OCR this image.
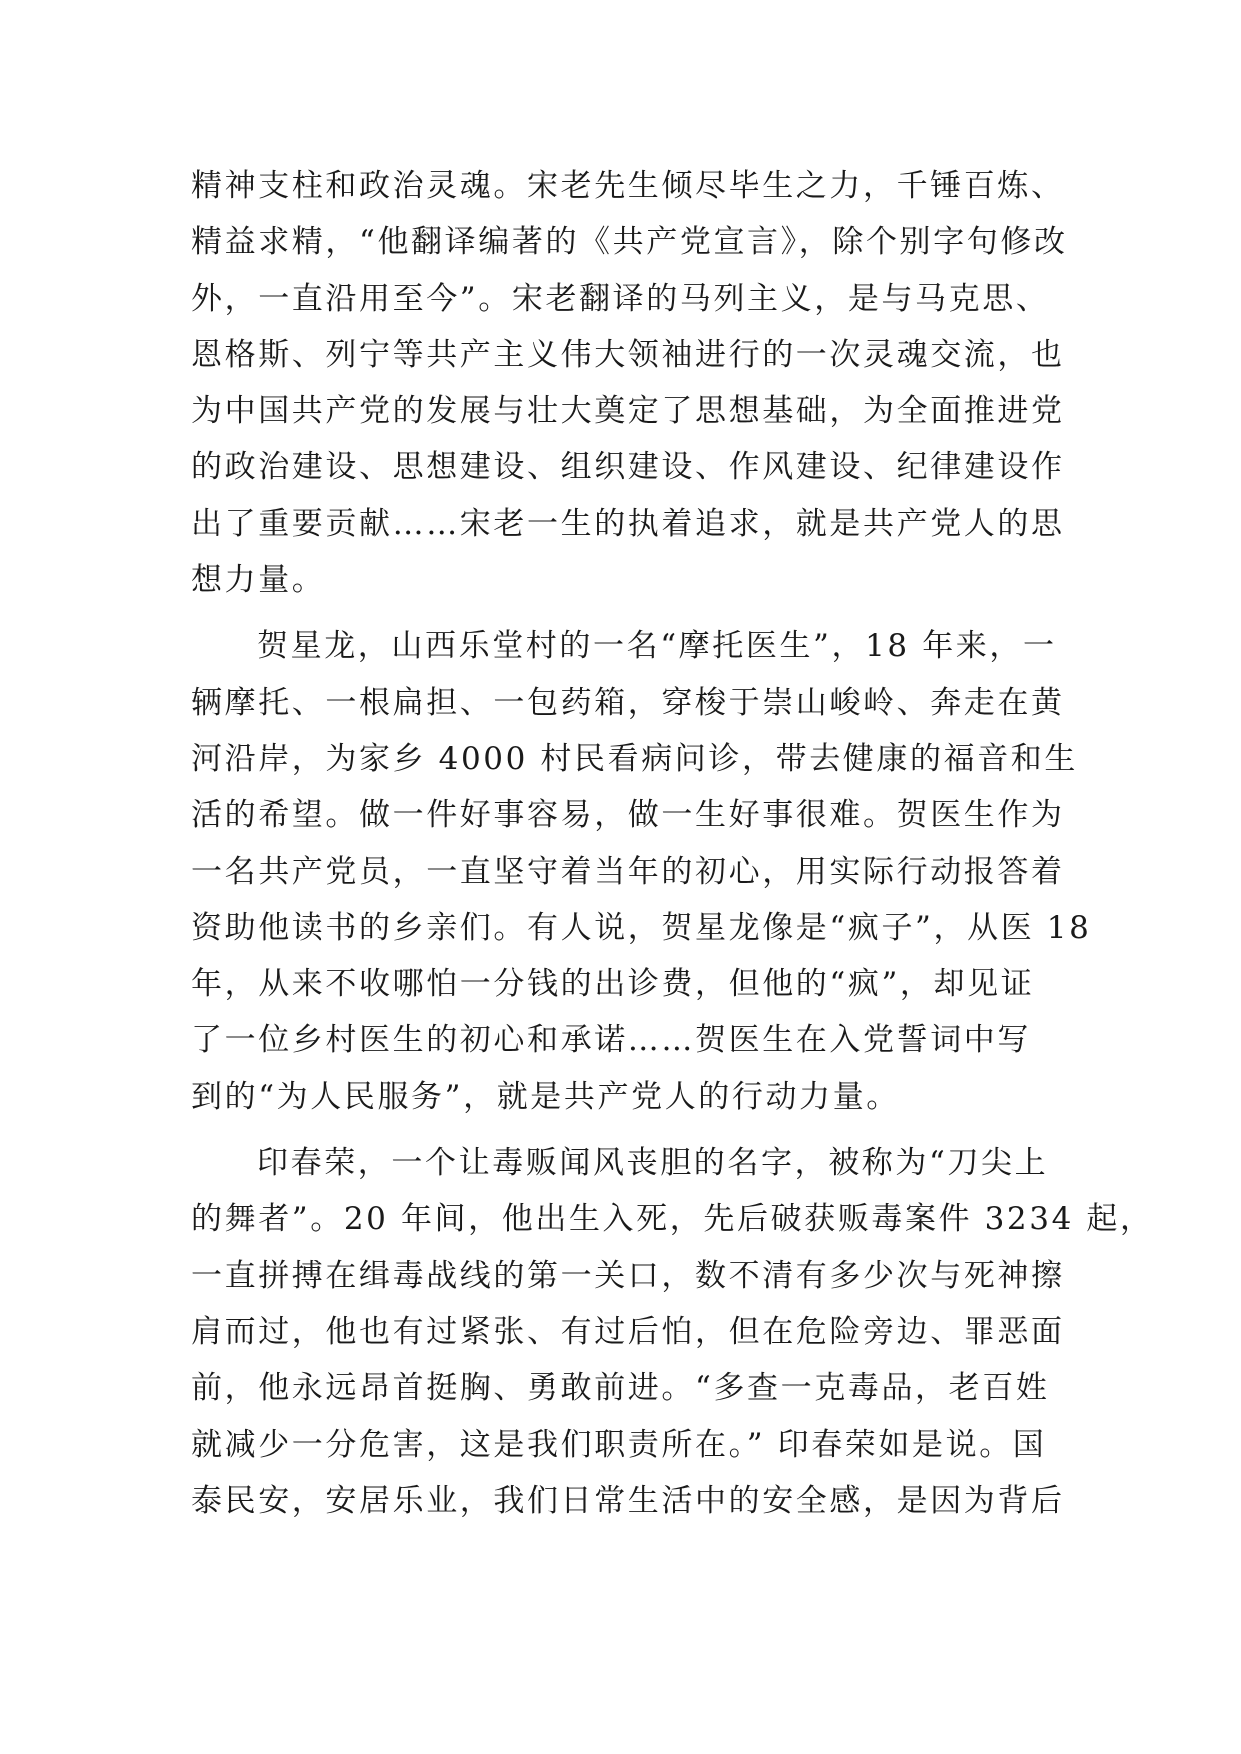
精神支柱和政治灵魂。宋老先生倾尽毕生之力，千锤百炼、
精益求精，“他翻译编著的《共产党宣言》，除个别字句修改
外，一直沿用至今”。宋老翻译的马列主义，是与马克思、
恩格斯、列宁等共产主义伟大领袖进行的一次灵魂交流，也
为中国共产党的发展与壮大奠定了思想基础，为全面推进党
的政治建设、思想建设、组织建设、作风建设、纪律建设作
出了重要贡献……宋老一生的执着追求，就是共产党人的思
想力量。
贺星龙，山西乐堂村的一名“摩托医生”，18 年来，一
辆摩托、一根扁担、一包药箱，穿梭于崇山峻岭、奔走在黄
河沿岸，为家乡 4000 村民看病问诊，带去健康的福音和生
活的希望。做一件好事容易，做一生好事很难。贺医生作为
一名共产党员，一直坚守着当年的初心，用实际行动报答着
资助他读书的乡亲们。有人说，贺星龙像是“疯子”，从医 18
年，从来不收哪怕一分钱的出诊费，但他的“疯”，却见证
了一位乡村医生的初心和承诺……贺医生在入党誓词中写
到的“为人民服务”，就是共产党人的行动力量。
印春荣，一个让毒贩闻风丧胆的名字，被称为“刀尖上
的舞者”。20 年间，他出生入死，先后破获贩毒案件 3234 起，
一直拼搏在缉毒战线的第一关口，数不清有多少次与死神擦
肩而过，他也有过紧张、有过后怕，但在危险旁边、罪恶面
前，他永远昂首挺胸、勇敢前进。“多查一克毒品，老百姓
就减少一分危害，这是我们职责所在。” 印春荣如是说。国
泰民安，安居乐业，我们日常生活中的安全感，是因为背后
